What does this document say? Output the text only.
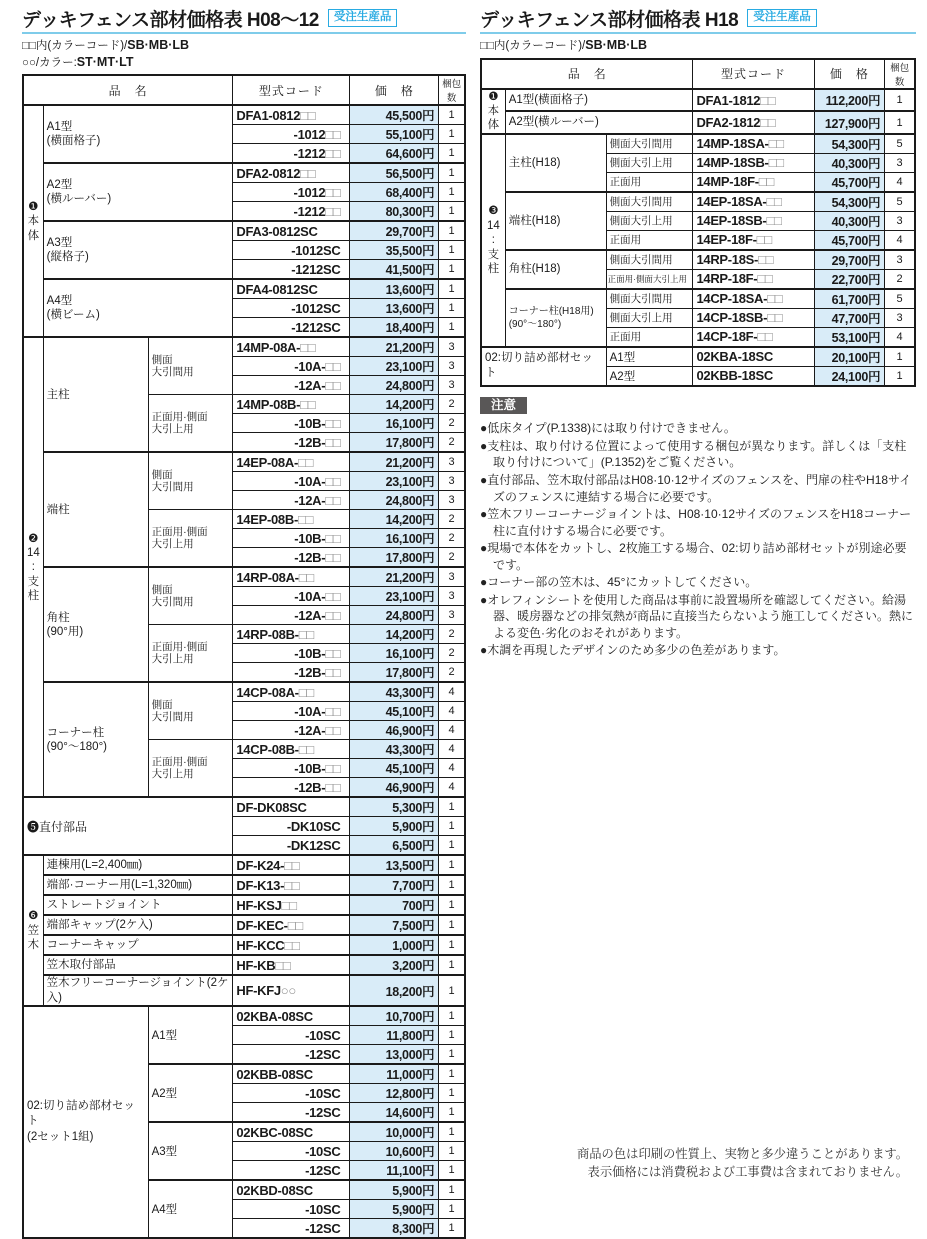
デッキフェンス部材価格表 H08〜12	受注生産品
□□内(カラーコード)/SB·MB·LB
○○/カラー:ST·MT·LT
品　名			型式コード	価　格	梱包数
❶
本
体	A1型
(横面格子)		DFA1-0812□□	45,500円	1
			-1012□□	55,100円	1
			-1212□□	64,600円	1
	A2型
(横ルーバー)		DFA2-0812□□	56,500円	1
			-1012□□	68,400円	1
			-1212□□	80,300円	1
	A3型
(縦格子)		DFA3-0812SC	29,700円	1
			-1012SC	35,500円	1
			-1212SC	41,500円	1
	A4型
(横ビーム)		DFA4-0812SC	13,600円	1
			-1012SC	13,600円	1
			-1212SC	18,400円	1
❷
14
:
支
柱	主柱	側面
大引間用	14MP-08A-□□	21,200円	3
			-10A-□□	23,100円	3
			-12A-□□	24,800円	3
		正面用·側面
大引上用	14MP-08B-□□	14,200円	2
			-10B-□□	16,100円	2
			-12B-□□	17,800円	2
	端柱	側面
大引間用	14EP-08A-□□	21,200円	3
			-10A-□□	23,100円	3
			-12A-□□	24,800円	3
		正面用·側面
大引上用	14EP-08B-□□	14,200円	2
			-10B-□□	16,100円	2
			-12B-□□	17,800円	2
	角柱
(90°用)	側面
大引間用	14RP-08A-□□	21,200円	3
			-10A-□□	23,100円	3
			-12A-□□	24,800円	3
		正面用·側面
大引上用	14RP-08B-□□	14,200円	2
			-10B-□□	16,100円	2
			-12B-□□	17,800円	2
	コーナー柱
(90°〜180°)	側面
大引間用	14CP-08A-□□	43,300円	4
			-10A-□□	45,100円	4
			-12A-□□	46,900円	4
		正面用·側面
大引上用	14CP-08B-□□	43,300円	4
			-10B-□□	45,100円	4
			-12B-□□	46,900円	4
❺直付部品			DF-DK08SC	5,300円	1
			-DK10SC	5,900円	1
			-DK12SC	6,500円	1
❻
笠
木	連棟用(L=2,400㎜)		DF-K24-□□	13,500円	1
	端部·コーナー用(L=1,320㎜)		DF-K13-□□	7,700円	1
	ストレートジョイント		HF-KSJ□□	700円	1
	端部キャップ(2ケ入)		DF-KEC-□□	7,500円	1
	コーナーキャップ		HF-KCC□□	1,000円	1
	笠木取付部品		HF-KB□□	3,200円	1
	笠木フリーコーナージョイント(2ケ入)		HF-KFJ○○	18,200円	1
02:切り詰め部材セット
(2セット1組)		A1型	02KBA-08SC	10,700円	1
			-10SC	11,800円	1
			-12SC	13,000円	1
		A2型	02KBB-08SC	11,000円	1
			-10SC	12,800円	1
			-12SC	14,600円	1
		A3型	02KBC-08SC	10,000円	1
			-10SC	10,600円	1
			-12SC	11,100円	1
		A4型	02KBD-08SC	5,900円	1
			-10SC	5,900円	1
			-12SC	8,300円	1
デッキフェンス部材価格表 H18	受注生産品
□□内(カラーコード)/SB·MB·LB
品　名			型式コード	価　格	梱包数
❶
本
体	A1型(横面格子)		DFA1-1812□□	112,200円	1
	A2型(横ルーバー)		DFA2-1812□□	127,900円	1
❸
14
:
支
柱	主柱(H18)	側面大引間用	14MP-18SA-□□	54,300円	5
		側面大引上用	14MP-18SB-□□	40,300円	3
		正面用	14MP-18F-□□	45,700円	4
	端柱(H18)	側面大引間用	14EP-18SA-□□	54,300円	5
		側面大引上用	14EP-18SB-□□	40,300円	3
		正面用	14EP-18F-□□	45,700円	4
	角柱(H18)	側面大引間用	14RP-18S-□□	29,700円	3
		正面用·側面大引上用	14RP-18F-□□	22,700円	2
	コーナー柱(H18用)
(90°〜180°)	側面大引間用	14CP-18SA-□□	61,700円	5
		側面大引上用	14CP-18SB-□□	47,700円	3
		正面用	14CP-18F-□□	53,100円	4
02:切り詰め部材セット		A1型	02KBA-18SC	20,100円	1
		A2型	02KBB-18SC	24,100円	1
注意
●低床タイプ(P.1338)には取り付けできません。
●支柱は、取り付ける位置によって使用する梱包が異なります。詳しくは「支柱取り付けについて」(P.1352)をご覧ください。
●直付部品、笠木取付部品はH08·10·12サイズのフェンスを、門扉の柱やH18サイズのフェンスに連結する場合に必要です。
●笠木フリーコーナージョイントは、H08·10·12サイズのフェンスをH18コーナー柱に直付けする場合に必要です。
●現場で本体をカットし、2枚施工する場合、02:切り詰め部材セットが別途必要です。
●コーナー部の笠木は、45°にカットしてください。
●オレフィンシートを使用した商品は事前に設置場所を確認してください。給湯器、暖房器などの排気熱が商品に直接当たらないよう施工してください。熱による変色·劣化のおそれがあります。
●木調を再現したデザインのため多少の色差があります。
商品の色は印刷の性質上、実物と多少違うことがあります。
表示価格には消費税および工事費は含まれておりません。
